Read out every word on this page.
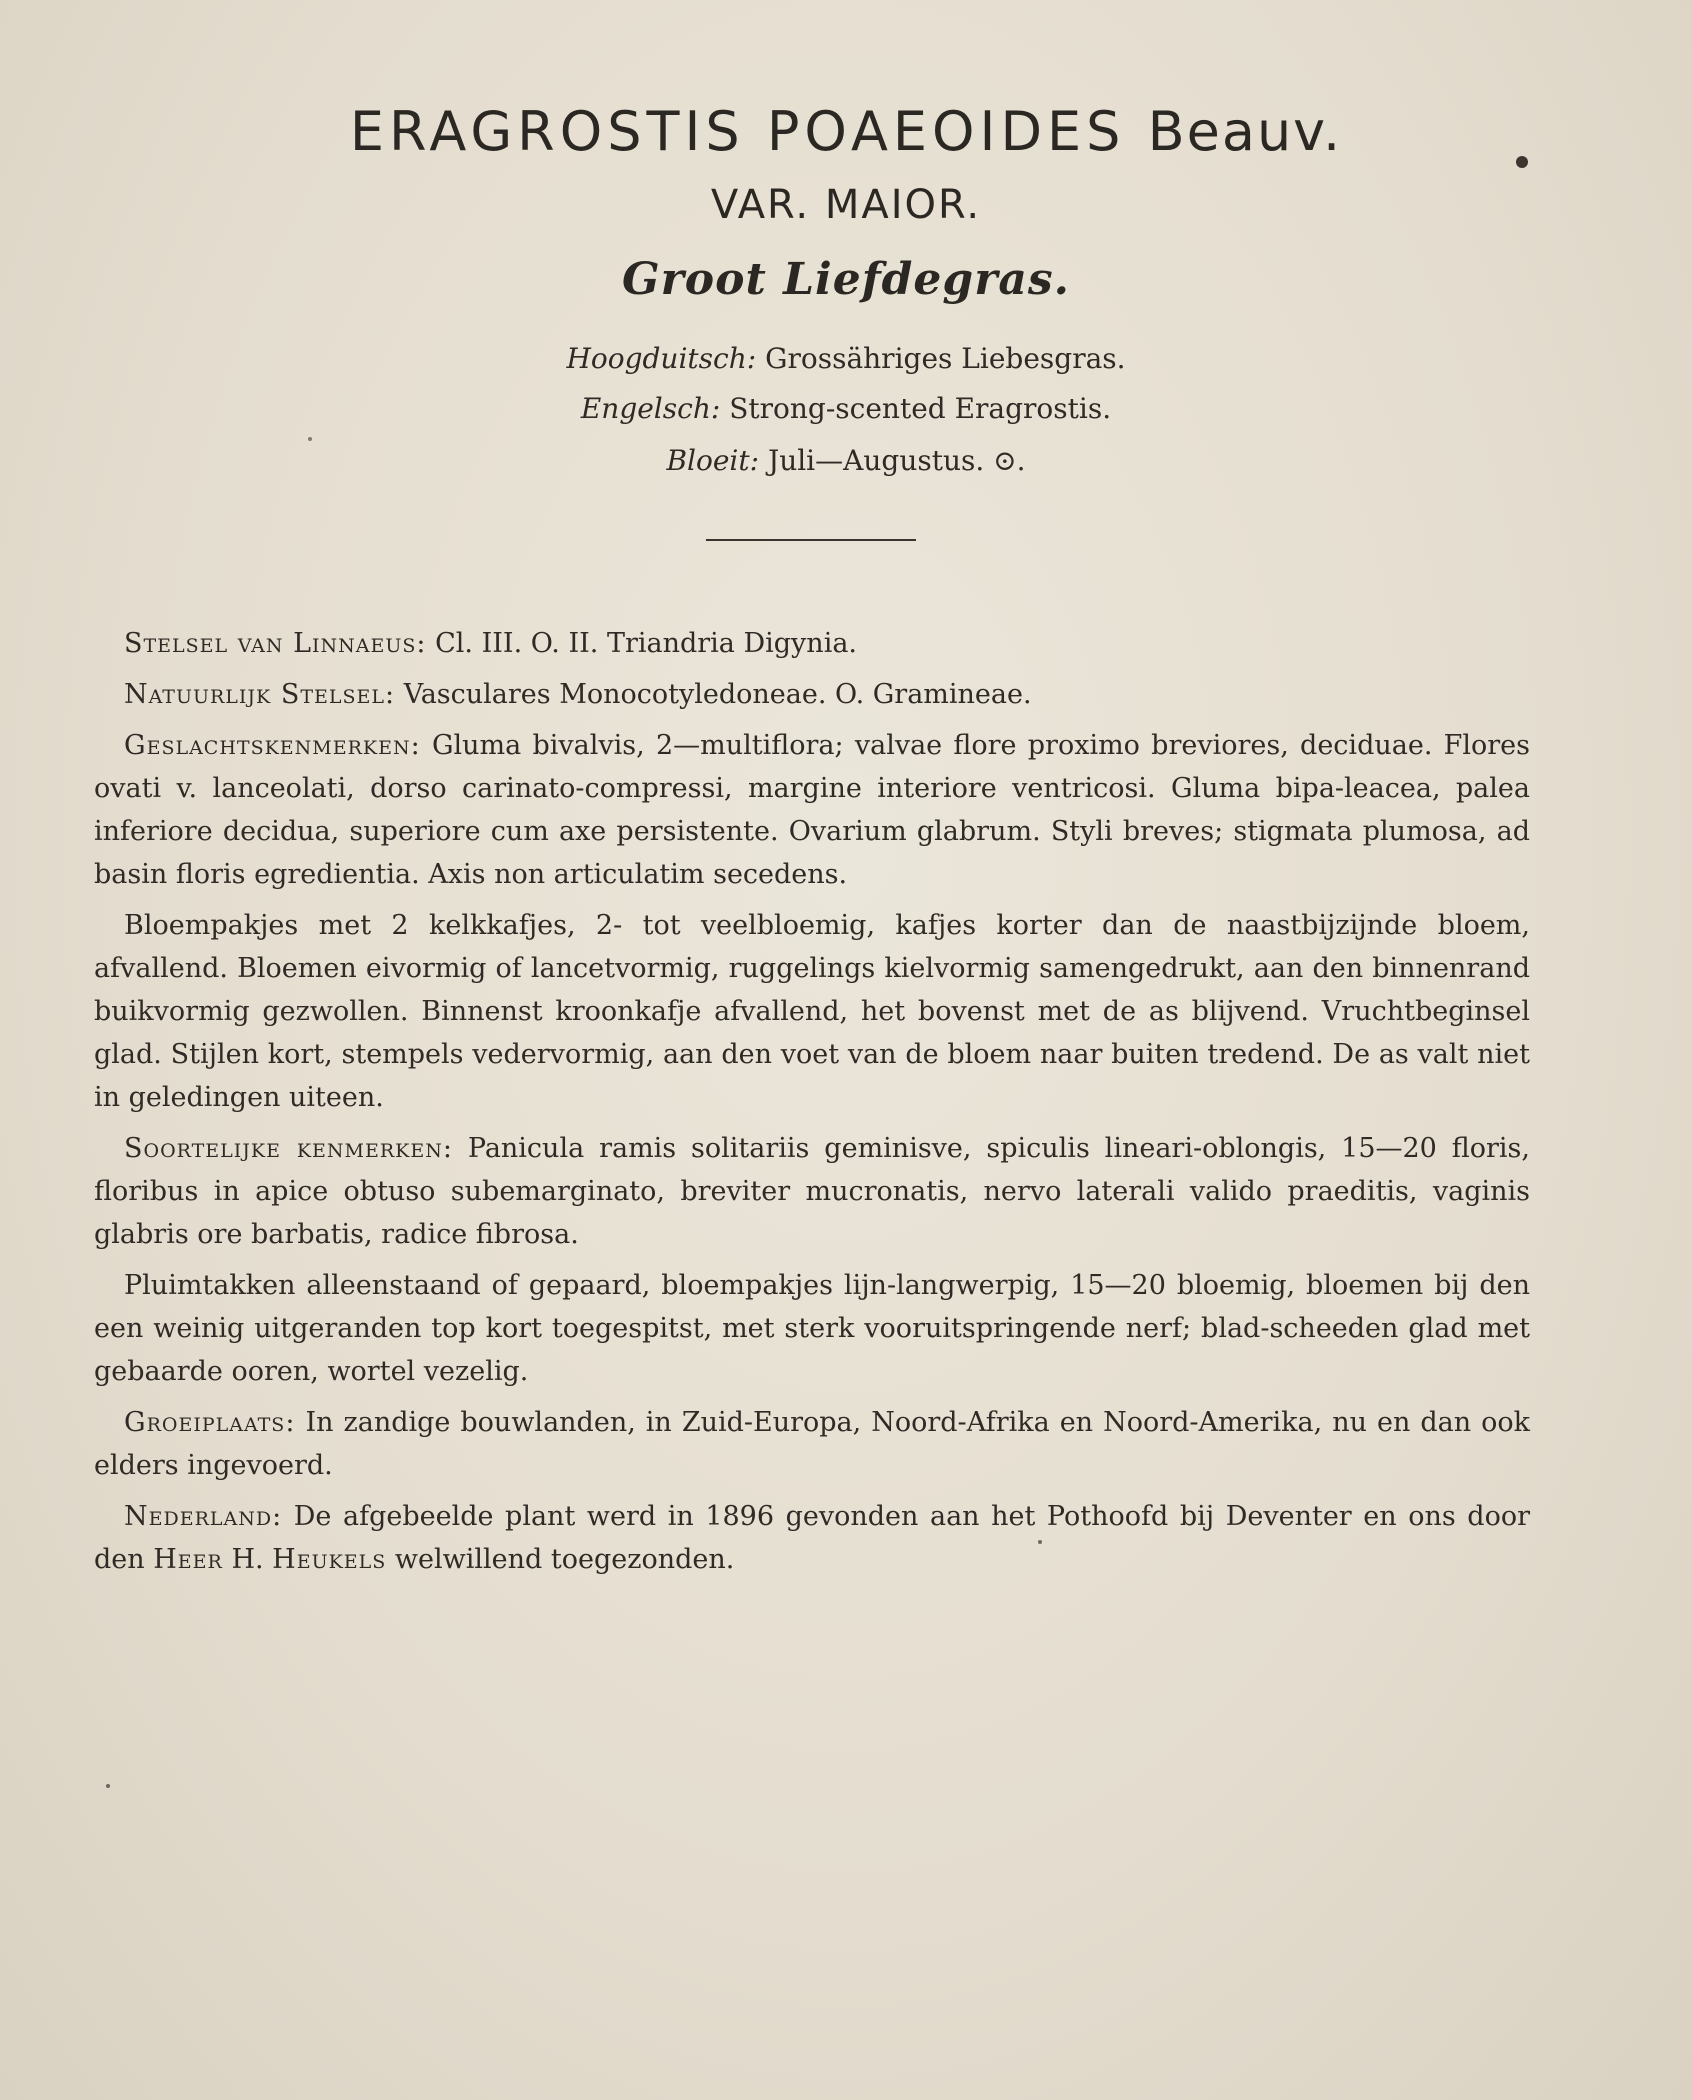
ERAGROSTIS POAEOIDES Beauv.
VAR. MAIOR.
Groot Liefdegras.
Hoogduitsch: Grossähriges Liebesgras.
Engelsch: Strong-scented Eragrostis.
Bloeit: Juli—Augustus. ⊙.

Stelsel van Linnaeus: Cl. III. O. II. Triandria Digynia.

Natuurlijk Stelsel: Vasculares Monocotyledoneae. O. Gramineae.

Geslachtskenmerken: Gluma bivalvis, 2—multiflora; valvae flore proximo breviores, deciduae. Flores ovati v. lanceolati, dorso carinato-compressi, margine interiore ventricosi. Gluma bipa-leacea, palea inferiore decidua, superiore cum axe persistente. Ovarium glabrum. Styli breves; stigmata plumosa, ad basin floris egredientia. Axis non articulatim secedens.

Bloempakjes met 2 kelkkafjes, 2- tot veelbloemig, kafjes korter dan de naastbijzijnde bloem, afvallend. Bloemen eivormig of lancetvormig, ruggelings kielvormig samengedrukt, aan den binnenrand buikvormig gezwollen. Binnenst kroonkafje afvallend, het bovenst met de as blijvend. Vruchtbeginsel glad. Stijlen kort, stempels vedervormig, aan den voet van de bloem naar buiten tredend. De as valt niet in geledingen uiteen.

Soortelijke kenmerken: Panicula ramis solitariis geminisve, spiculis lineari-oblongis, 15—20 floris, floribus in apice obtuso subemarginato, breviter mucronatis, nervo laterali valido praeditis, vaginis glabris ore barbatis, radice fibrosa.

Pluimtakken alleenstaand of gepaard, bloempakjes lijn-langwerpig, 15—20 bloemig, bloemen bij den een weinig uitgeranden top kort toegespitst, met sterk vooruitspringende nerf; blad-scheeden glad met gebaarde ooren, wortel vezelig.

Groeiplaats: In zandige bouwlanden, in Zuid-Europa, Noord-Afrika en Noord-Amerika, nu en dan ook elders ingevoerd.

Nederland: De afgebeelde plant werd in 1896 gevonden aan het Pothoofd bij Deventer en ons door den Heer H. Heukels welwillend toegezonden.
